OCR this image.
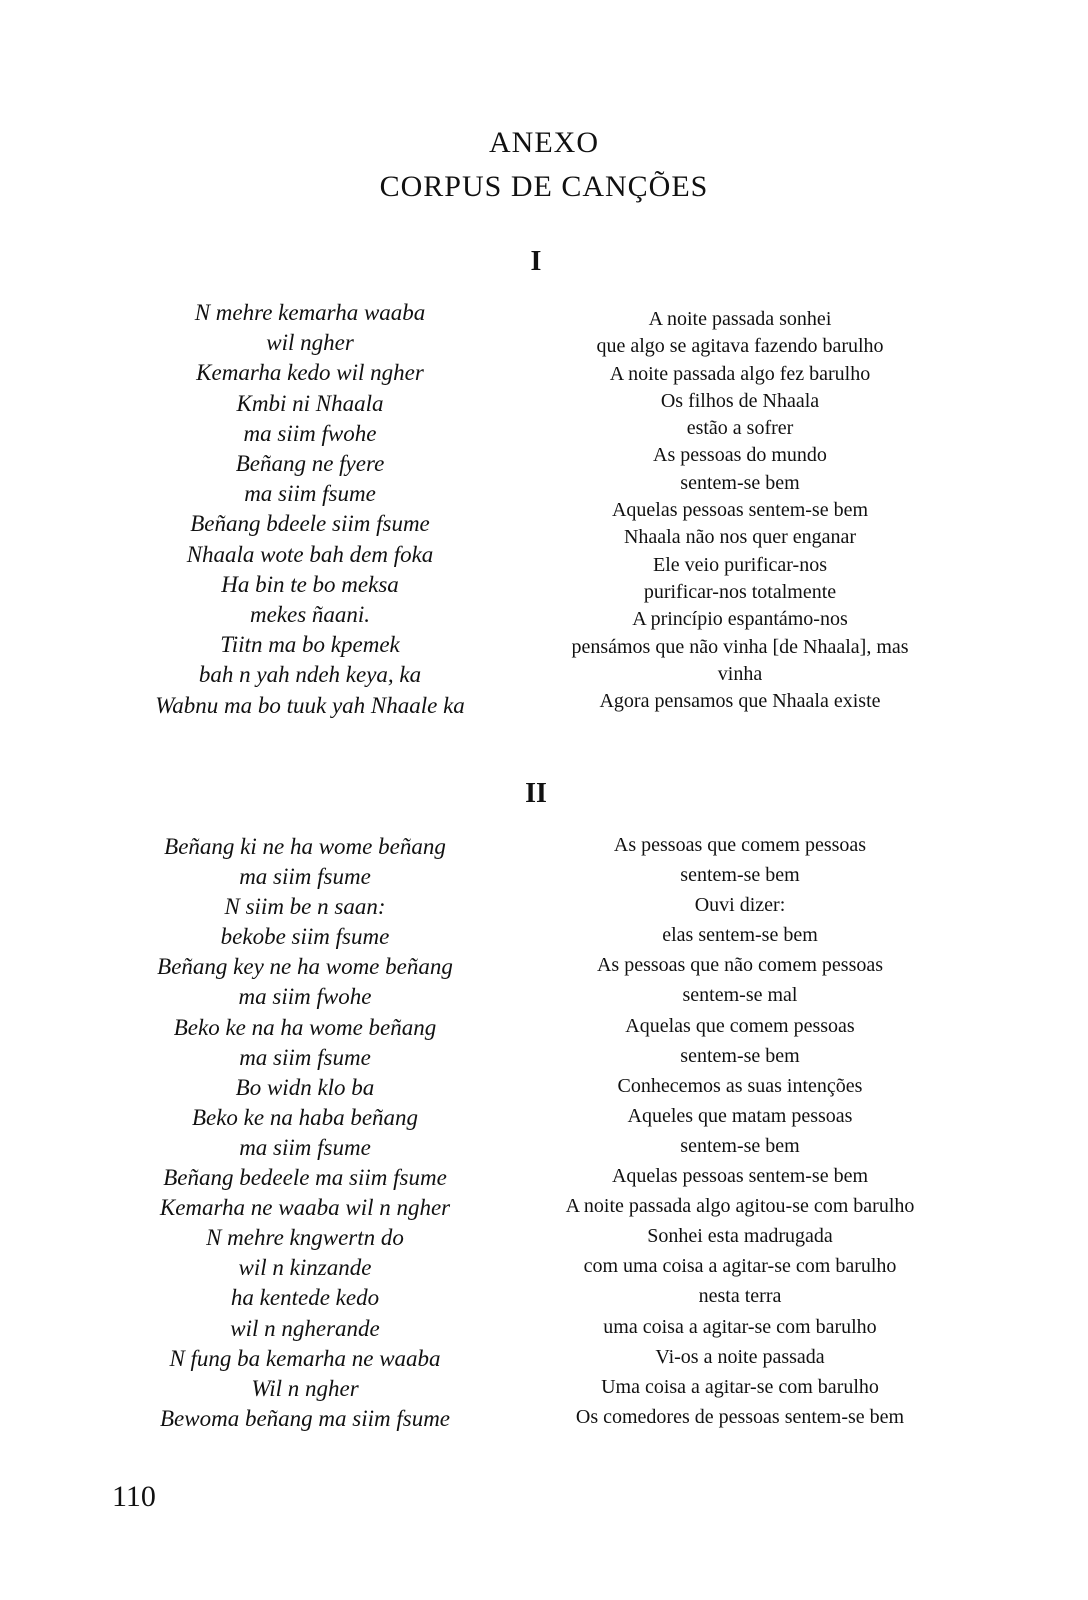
ANEXO
CORPUS DE CANÇÕES
I
N mehre kemarha waaba
wil ngher
Kemarha kedo wil ngher
Kmbi ni Nhaala
ma siim fwohe
Beñang ne fyere
ma siim fsume
Beñang bdeele siim fsume
Nhaala wote bah dem foka
Ha bin te bo meksa
mekes ñaani.
Tiitn ma bo kpemek
bah n yah ndeh keya, ka
Wabnu ma bo tuuk yah Nhaale ka
A noite passada sonhei
que algo se agitava fazendo barulho
A noite passada algo fez barulho
Os filhos de Nhaala
estão a sofrer
As pessoas do mundo
sentem-se bem
Aquelas pessoas sentem-se bem
Nhaala não nos quer enganar
Ele veio purificar-nos
purificar-nos totalmente
A princípio espantámo-nos
pensámos que não vinha [de Nhaala], mas
vinha
Agora pensamos que Nhaala existe
II
Beñang ki ne ha wome beñang
ma siim fsume
N siim be n saan:
bekobe siim fsume
Beñang key ne ha wome beñang
ma siim fwohe
Beko ke na ha wome beñang
ma siim fsume
Bo widn klo ba
Beko ke na haba beñang
ma siim fsume
Beñang bedeele ma siim fsume
Kemarha ne waaba wil n ngher
N mehre kngwertn do
wil n kinzande
ha kentede kedo
wil n ngherande
N fung ba kemarha ne waaba
Wil n ngher
Bewoma beñang ma siim fsume
As pessoas que comem pessoas
sentem-se bem
Ouvi dizer:
elas sentem-se bem
As pessoas que não comem pessoas
sentem-se mal
Aquelas que comem pessoas
sentem-se bem
Conhecemos as suas intenções
Aqueles que matam pessoas
sentem-se bem
Aquelas pessoas sentem-se bem
A noite passada algo agitou-se com barulho
Sonhei esta madrugada
com uma coisa a agitar-se com barulho
nesta terra
uma coisa a agitar-se com barulho
Vi-os a noite passada
Uma coisa a agitar-se com barulho
Os comedores de pessoas sentem-se bem
110
